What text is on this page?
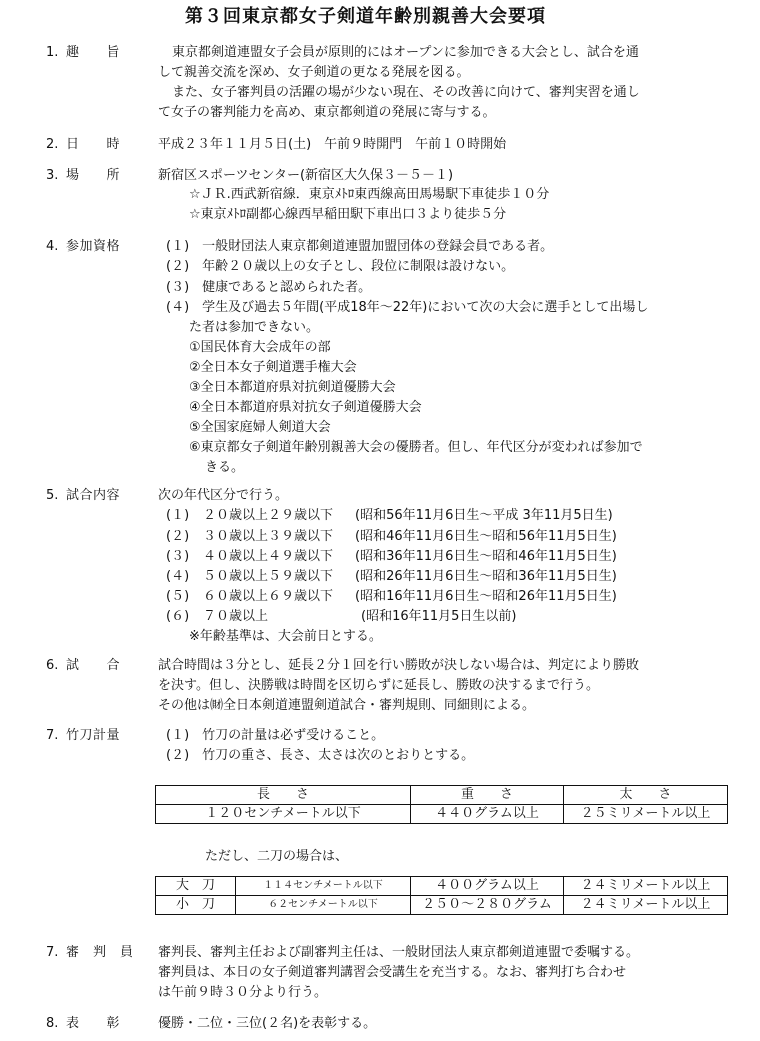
第３回東京都女子剣道年齢別親善大会要項
1. 趣　　旨	東京都剣道連盟女子会員が原則的にはオープンに参加できる大会とし、試合を通
して親善交流を深め、女子剣道の更なる発展を図る。
また、女子審判員の活躍の場が少ない現在、その改善に向けて、審判実習を通し
て女子の審判能力を高め、東京都剣道の発展に寄与する。
2. 日　　時	平成２３年１１月５日(土)　午前９時開門　午前１０時開始
3. 場　　所	新宿区スポーツセンター(新宿区大久保３－５－１)
☆ＪＲ.西武新宿線．東京ﾒﾄﾛ東西線高田馬場駅下車徒歩１０分
☆東京ﾒﾄﾛ副都心線西早稲田駅下車出口３より徒歩５分
4. 参加資格	(１)　一般財団法人東京都剣道連盟加盟団体の登録会員である者。
(２)　年齢２０歳以上の女子とし、段位に制限は設けない。
(３)　健康であると認められた者。
(４)　学生及び過去５年間(平成18年～22年)において次の大会に選手として出場し
た者は参加できない。
①国民体育大会成年の部
②全日本女子剣道選手権大会
③全日本都道府県対抗剣道優勝大会
④全日本都道府県対抗女子剣道優勝大会
⑤全国家庭婦人剣道大会
⑥東京都女子剣道年齢別親善大会の優勝者。但し、年代区分が変われば参加で
きる。
5. 試合内容	次の年代区分で行う。
(１) ２０歳以上２９歳以下 (昭和56年11月6日生～平成 3年11月5日生)
(２) ３０歳以上３９歳以下 (昭和46年11月6日生～昭和56年11月5日生)
(３) ４０歳以上４９歳以下 (昭和36年11月6日生～昭和46年11月5日生)
(４) ５０歳以上５９歳以下 (昭和26年11月6日生～昭和36年11月5日生)
(５) ６０歳以上６９歳以下 (昭和16年11月6日生～昭和26年11月5日生)
(６) ７０歳以上	(昭和16年11月5日生以前)
※年齢基準は、大会前日とする。
6. 試　　合	試合時間は３分とし、延長２分１回を行い勝敗が決しない場合は、判定により勝敗
を決す。但し、決勝戦は時間を区切らずに延長し、勝敗の決するまで行う。
その他は㈶全日本剣道連盟剣道試合・審判規則、同細則による。
7. 竹刀計量	(１)　竹刀の計量は必ず受けること。
(２)　竹刀の重さ、長さ、太さは次のとおりとする。
長　　さ	重　　さ	太　　さ
１２０センチメートル以下	４４０グラム以上	２５ミリメートル以上
ただし、二刀の場合は、
大　刀	１１４センチメートル以下	４００グラム以上	２４ミリメートル以上
小　刀	６２センチメートル以下	２５０～２８０グラム	２４ミリメートル以上
7. 審　判　員 審判長、審判主任および副審判主任は、一般財団法人東京都剣道連盟で委嘱する。
審判員は、本日の女子剣道審判講習会受講生を充当する。なお、審判打ち合わせ
は午前９時３０分より行う。
8. 表　　彰	優勝・二位・三位(２名)を表彰する。
